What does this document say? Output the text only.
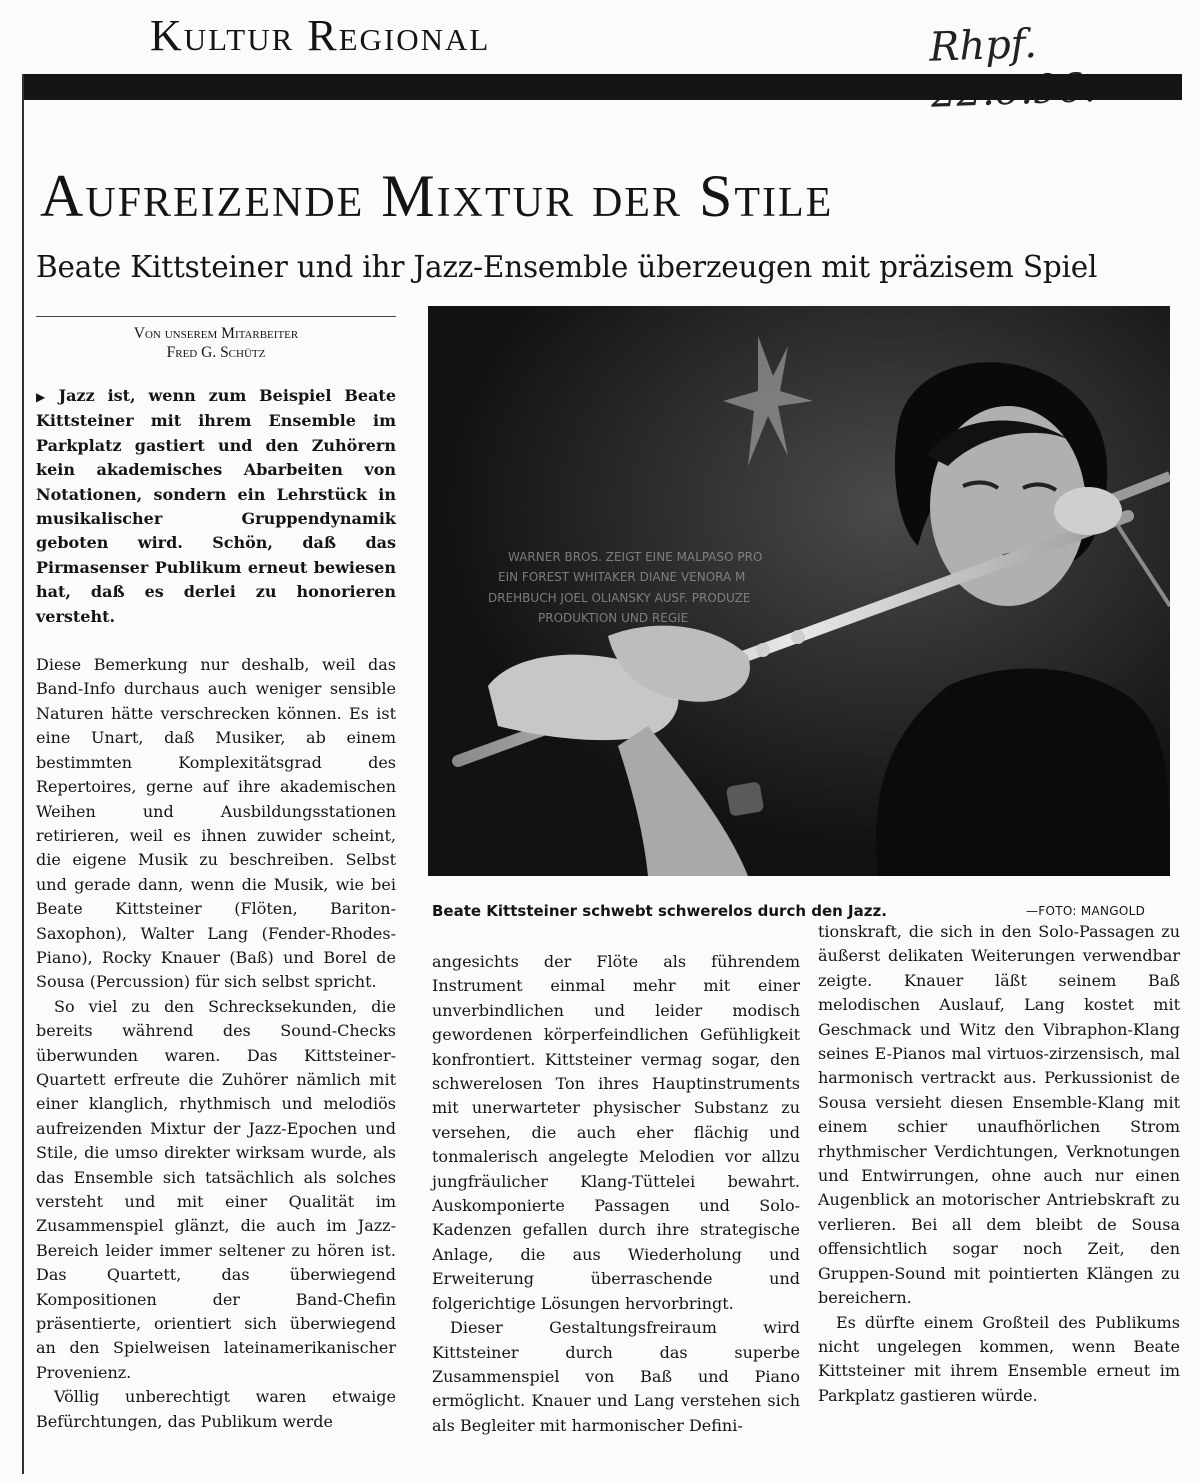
Kultur Regional	Rhpf.
Aufreizende Mixtur der Stile
Beate Kittsteiner und ihr Jazz-Ensemble überzeugen mit präzisem Spiel
Von unserem Mitarbeiter
Fred G. Schütz

▶ Jazz ist, wenn zum Beispiel Beate Kittsteiner mit ihrem Ensemble im Parkplatz gastiert und den Zuhörern kein akademisches Abarbeiten von Notationen, sondern ein Lehrstück in musikalischer Gruppendynamik geboten wird. Schön, daß das Pirmasenser Publikum erneut bewiesen hat, daß es derlei zu honorieren versteht.

Diese Bemerkung nur deshalb, weil das Band-Info durchaus auch weniger sensible Naturen hätte verschrecken können. Es ist eine Unart, daß Musiker, ab einem bestimmten Komplexitätsgrad des Repertoires, gerne auf ihre akademischen Weihen und Ausbildungsstationen retirieren, weil es ihnen zuwider scheint, die eigene Musik zu beschreiben. Selbst und gerade dann, wenn die Musik, wie bei Beate Kittsteiner (Flöten, Bariton-Saxophon), Walter Lang (Fender-Rhodes-Piano), Rocky Knauer (Baß) und Borel de Sousa (Percussion) für sich selbst spricht.

So viel zu den Schrecksekunden, die bereits während des Sound-Checks überwunden waren. Das Kittsteiner-Quartett erfreute die Zuhörer nämlich mit einer klanglich, rhythmisch und melodiös aufreizenden Mixtur der Jazz-Epochen und Stile, die umso direkter wirksam wurde, als das Ensemble sich tatsächlich als solches versteht und mit einer Qualität im Zusammenspiel glänzt, die auch im Jazz-Bereich leider immer seltener zu hören ist. Das Quartett, das überwiegend Kompositionen der Band-Chefin präsentierte, orientiert sich überwiegend an den Spielweisen lateinamerikanischer Provenienz.

Völlig unberechtigt waren etwaige Befürchtungen, das Publikum werde

WARNER BROS. ZEIGT EINE MALPASO PRO
EIN FOREST WHITAKER DIANE VENORA M
DREHBUCH JOEL OLIANSKY AUSF. PRODUZE
PRODUKTION UND REGIE
Beate Kittsteiner schwebt schwerelos durch den Jazz.	—FOTO: MANGOLD

angesichts der Flöte als führendem Instrument einmal mehr mit einer unverbindlichen und leider modisch gewordenen körperfeindlichen Gefühligkeit konfrontiert. Kittsteiner vermag sogar, den schwerelosen Ton ihres Hauptinstruments mit unerwarteter physischer Substanz zu versehen, die auch eher flächig und tonmalerisch angelegte Melodien vor allzu jungfräulicher Klang-Tüttelei bewahrt. Auskomponierte Passagen und Solo-Kadenzen gefallen durch ihre strategische Anlage, die aus Wiederholung und Erweiterung überraschende und folgerichtige Lösungen hervorbringt.

Dieser Gestaltungsfreiraum wird Kittsteiner durch das superbe Zusammenspiel von Baß und Piano ermöglicht. Knauer und Lang verstehen sich als Begleiter mit harmonischer Defini-

tionskraft, die sich in den Solo-Passagen zu äußerst delikaten Weiterungen verwendbar zeigte. Knauer läßt seinem Baß melodischen Auslauf, Lang kostet mit Geschmack und Witz den Vibraphon-Klang seines E-Pianos mal virtuos-zirzensisch, mal harmonisch vertrackt aus. Perkussionist de Sousa versieht diesen Ensemble-Klang mit einem schier unaufhörlichen Strom rhythmischer Verdichtungen, Verknotungen und Entwirrungen, ohne auch nur einen Augenblick an motorischer Antriebskraft zu verlieren. Bei all dem bleibt de Sousa offensichtlich sogar noch Zeit, den Gruppen-Sound mit pointierten Klängen zu bereichern.

Es dürfte einem Großteil des Publikums nicht ungelegen kommen, wenn Beate Kittsteiner mit ihrem Ensemble erneut im Parkplatz gastieren würde.
